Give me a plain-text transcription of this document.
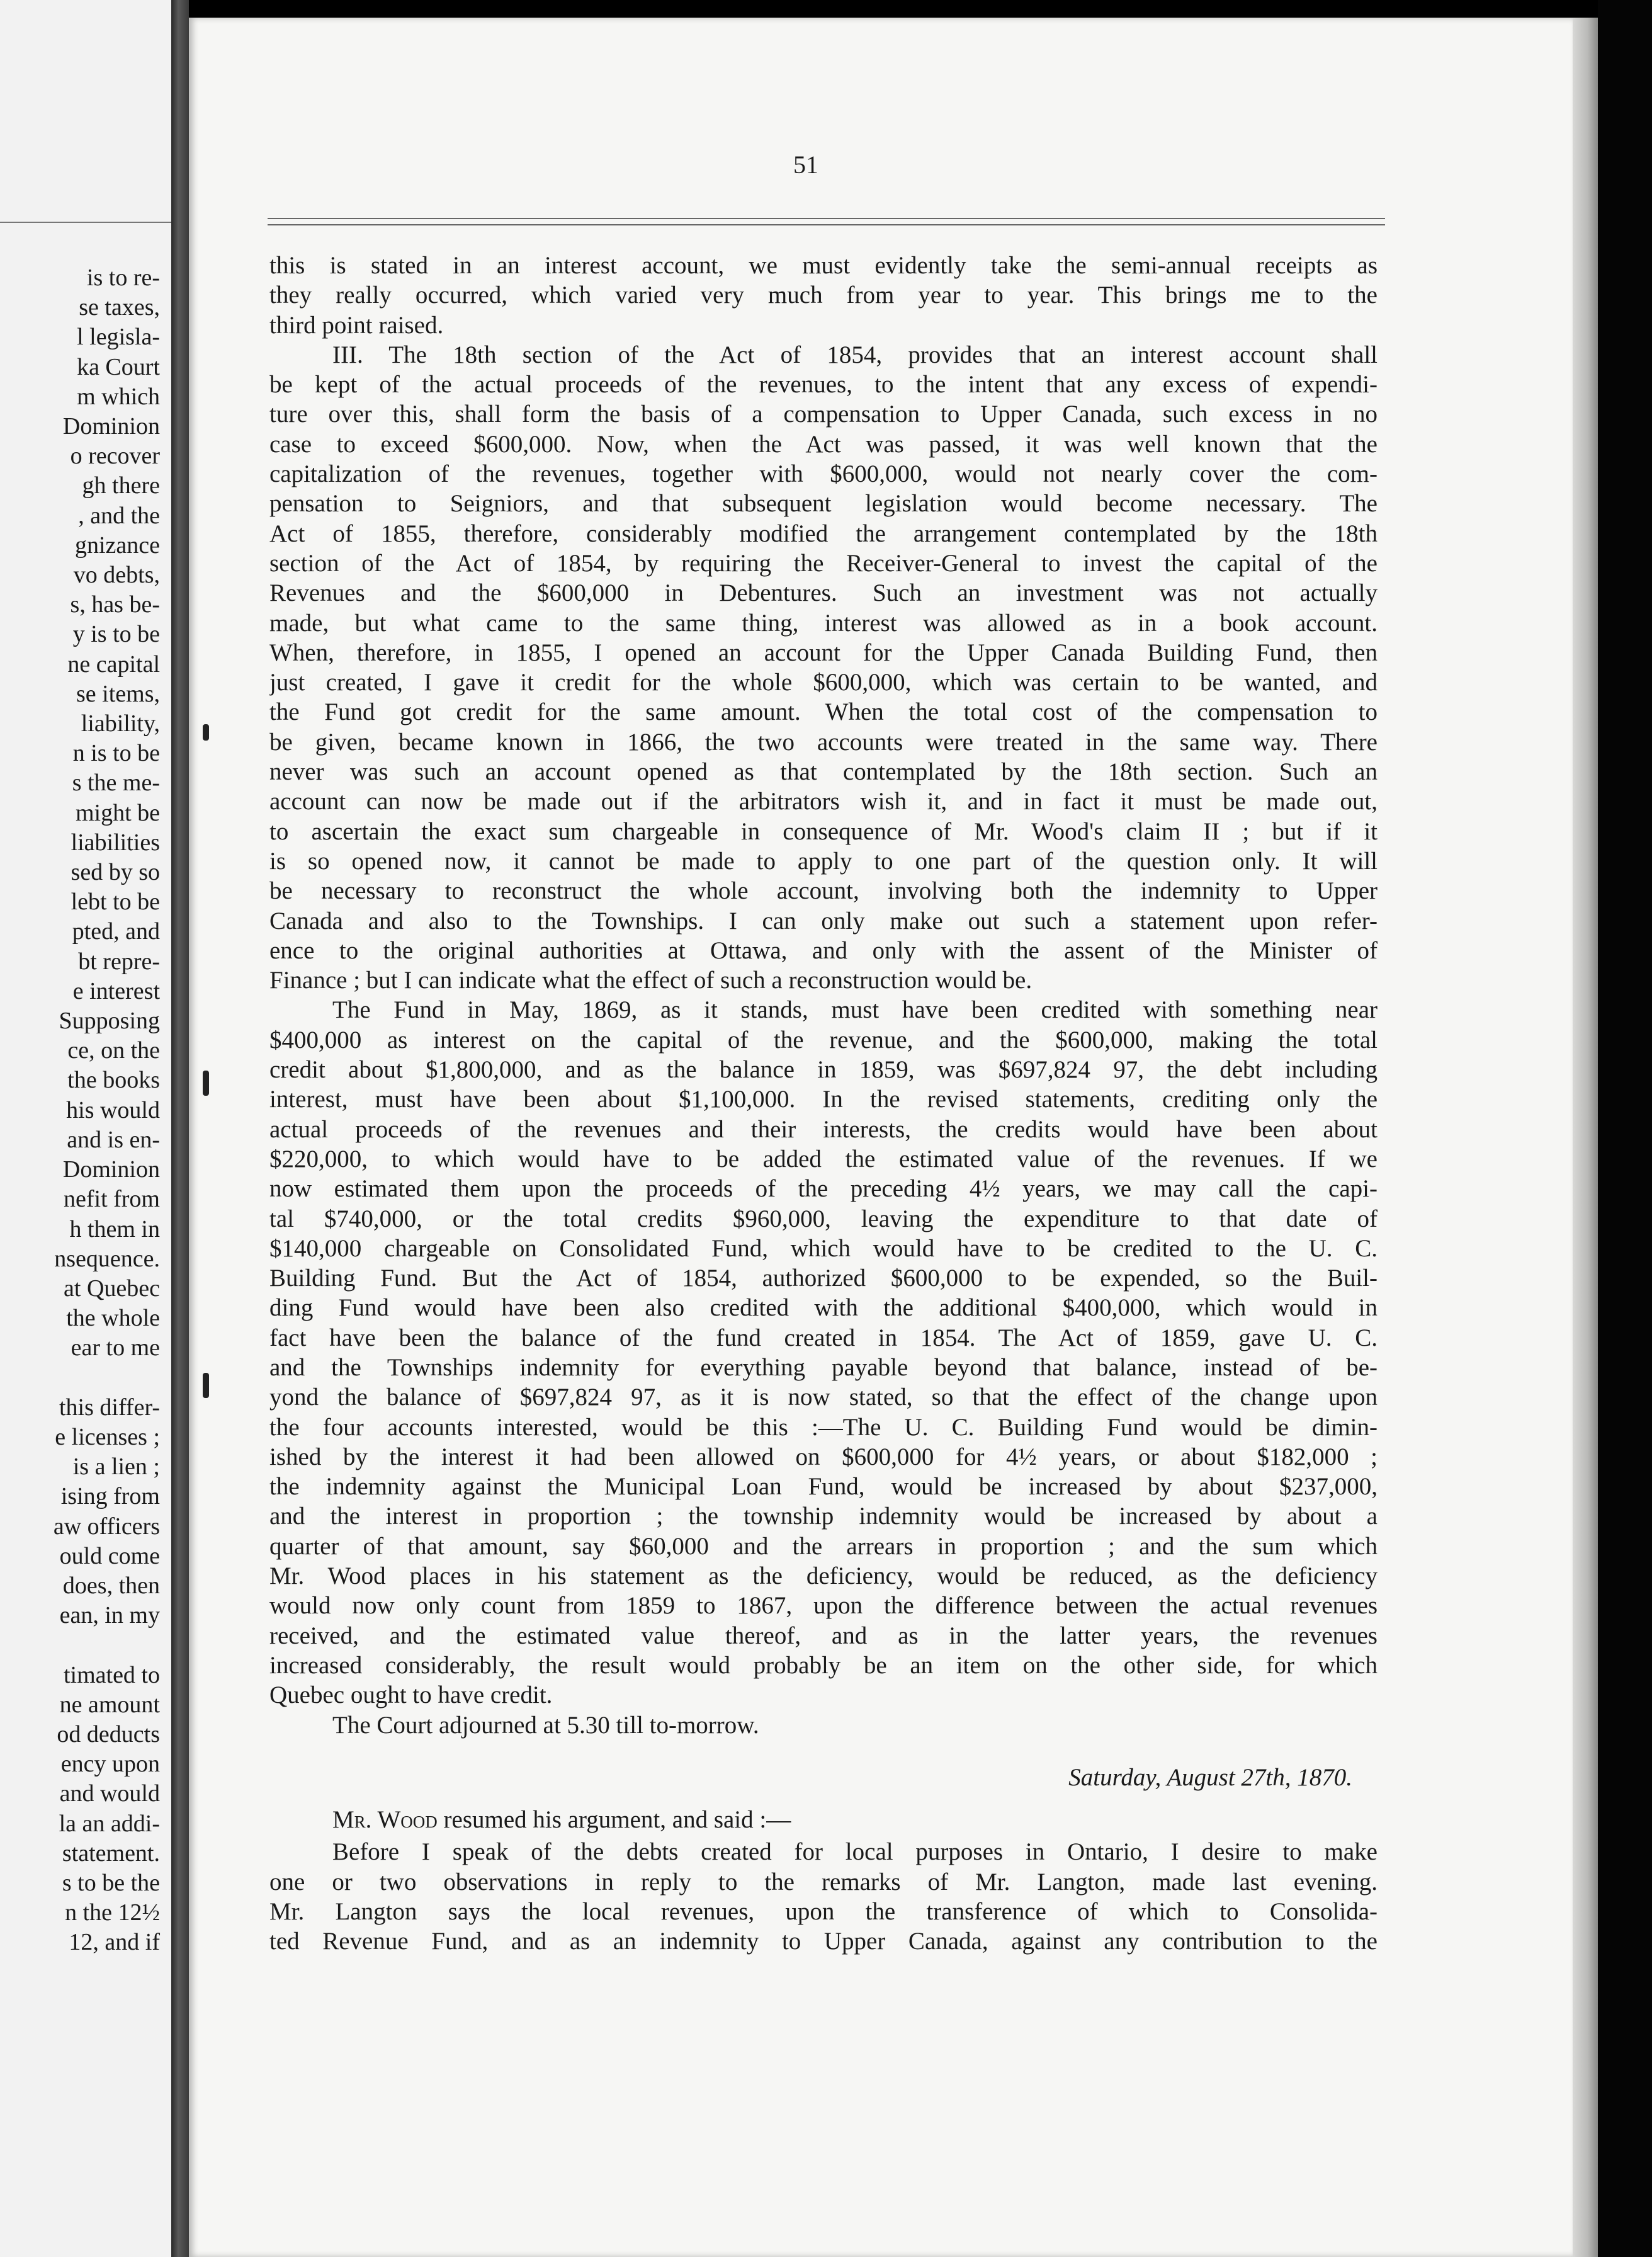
is to re-
se taxes,
l legisla-
ka Court
m which
Dominion
o recover
gh there
, and the
gnizance
vo debts,
s, has be-
y is to be
ne capital
se items,
liability,
n is to be
s the me-
might be
liabilities
sed by so
lebt to be
pted, and
bt repre-
e interest
Supposing
ce, on the
the books
his would
and is en-
Dominion
nefit from
h them in
nsequence.
at Quebec
the whole
ear to me
this differ-
e licenses ;
is a lien ;
ising from
aw officers
ould come
does, then
ean, in my
timated to
ne amount
od deducts
ency upon
and would
la an addi-
statement.
s to be the
n the 12½
12, and if
51
this is stated in an interest account, we must evidently take the semi-annual receipts as
they really occurred, which varied very much from year to year. This brings me to the
third point raised.
III. The 18th section of the Act of 1854, provides that an interest account shall
be kept of the actual proceeds of the revenues, to the intent that any excess of expendi-
ture over this, shall form the basis of a compensation to Upper Canada, such excess in no
case to exceed $600,000. Now, when the Act was passed, it was well known that the
capitalization of the revenues, together with $600,000, would not nearly cover the com-
pensation to Seigniors, and that subsequent legislation would become necessary. The
Act of 1855, therefore, considerably modified the arrangement contemplated by the 18th
section of the Act of 1854, by requiring the Receiver-General to invest the capital of the
Revenues and the $600,000 in Debentures. Such an investment was not actually
made, but what came to the same thing, interest was allowed as in a book account.
When, therefore, in 1855, I opened an account for the Upper Canada Building Fund, then
just created, I gave it credit for the whole $600,000, which was certain to be wanted, and
the Fund got credit for the same amount. When the total cost of the compensation to
be given, became known in 1866, the two accounts were treated in the same way. There
never was such an account opened as that contemplated by the 18th section. Such an
account can now be made out if the arbitrators wish it, and in fact it must be made out,
to ascertain the exact sum chargeable in consequence of Mr. Wood's claim II ; but if it
is so opened now, it cannot be made to apply to one part of the question only. It will
be necessary to reconstruct the whole account, involving both the indemnity to Upper
Canada and also to the Townships. I can only make out such a statement upon refer-
ence to the original authorities at Ottawa, and only with the assent of the Minister of
Finance ; but I can indicate what the effect of such a reconstruction would be.
The Fund in May, 1869, as it stands, must have been credited with something near
$400,000 as interest on the capital of the revenue, and the $600,000, making the total
credit about $1,800,000, and as the balance in 1859, was $697,824 97, the debt including
interest, must have been about $1,100,000. In the revised statements, crediting only the
actual proceeds of the revenues and their interests, the credits would have been about
$220,000, to which would have to be added the estimated value of the revenues. If we
now estimated them upon the proceeds of the preceding 4½ years, we may call the capi-
tal $740,000, or the total credits $960,000, leaving the expenditure to that date of
$140,000 chargeable on Consolidated Fund, which would have to be credited to the U. C.
Building Fund. But the Act of 1854, authorized $600,000 to be expended, so the Buil-
ding Fund would have been also credited with the additional $400,000, which would in
fact have been the balance of the fund created in 1854. The Act of 1859, gave U. C.
and the Townships indemnity for everything payable beyond that balance, instead of be-
yond the balance of $697,824 97, as it is now stated, so that the effect of the change upon
the four accounts interested, would be this :—The U. C. Building Fund would be dimin-
ished by the interest it had been allowed on $600,000 for 4½ years, or about $182,000 ;
the indemnity against the Municipal Loan Fund, would be increased by about $237,000,
and the interest in proportion ; the township indemnity would be increased by about a
quarter of that amount, say $60,000 and the arrears in proportion ; and the sum which
Mr. Wood places in his statement as the deficiency, would be reduced, as the deficiency
would now only count from 1859 to 1867, upon the difference between the actual revenues
received, and the estimated value thereof, and as in the latter years, the revenues
increased considerably, the result would probably be an item on the other side, for which
Quebec ought to have credit.
The Court adjourned at 5.30 till to-morrow.
Saturday, August 27th, 1870.
Mr. Wood resumed his argument, and said :—
Before I speak of the debts created for local purposes in Ontario, I desire to make
one or two observations in reply to the remarks of Mr. Langton, made last evening.
Mr. Langton says the local revenues, upon the transference of which to Consolida-
ted Revenue Fund, and as an indemnity to Upper Canada, against any contribution to the
